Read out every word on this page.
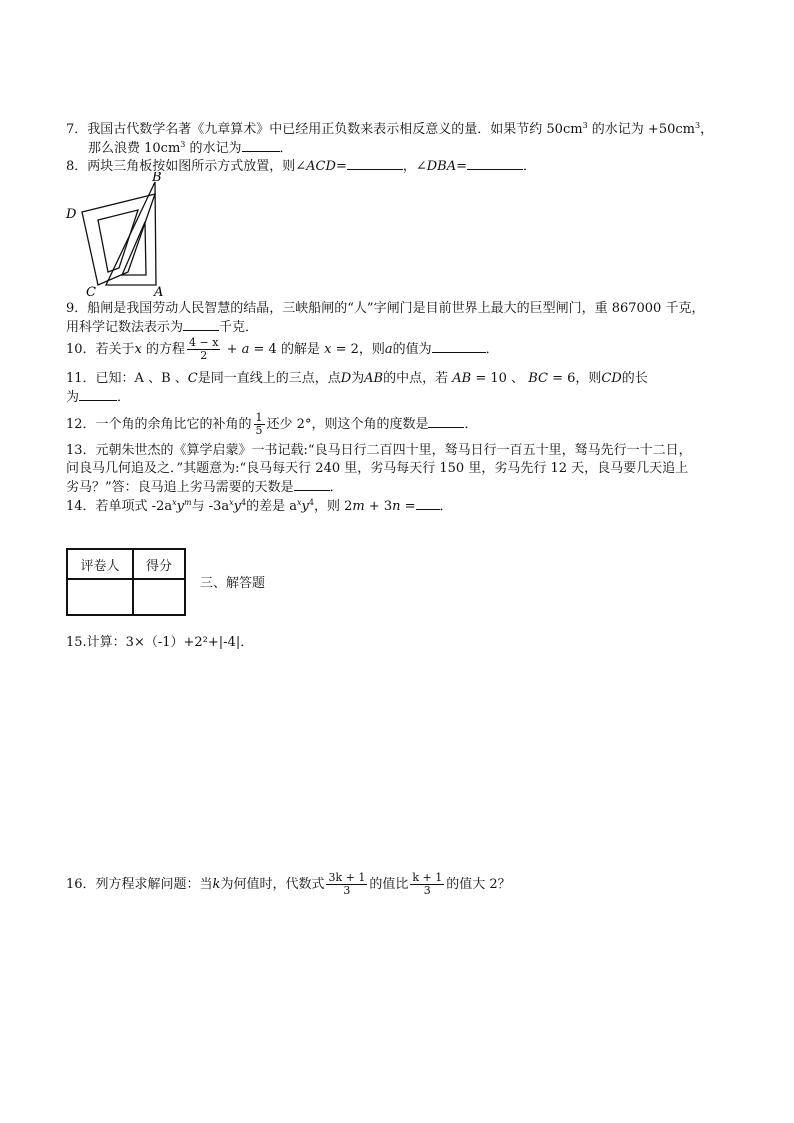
7．我国古代数学名著《九章算术》中已经用正负数来表示相反意义的量．如果节约 $50cm^3$ 的水记为 $+50cm^3$，
那么浪费 $10cm^3$ 的水记为	．
8．两块三角板按如图所示方式放置，则∠ACD=	，∠DBA=	．
B
D
C	A
9．船闸是我国劳动人民智慧的结晶，三峡船闸的“人”字闸门是目前世界上最大的巨型闸门，重 867000 千克，
用科学记数法表示为	千克．
10．若关于x 的方程 $\frac{4 - x}{2} + a = 4$ 的解是 x = 2，则a的值为	．
11．已知：A 、B 、C是同一直线上的三点，点D为AB的中点，若 AB = 10 、 BC = 6，则CD的长
为	．
12．一个角的余角比它的补角的 $\frac{1}{5}$ 还少 2°，则这个角的度数是	．
13．元朝朱世杰的《算学启蒙》一书记载:“良马日行二百四十里，驽马日行一百五十里，驽马先行一十二日，
问良马几何追及之．”其题意为:“良马每天行 240 里，劣马每天行 150 里，劣马先行 12 天，良马要几天追上
劣马？”答：良马追上劣马需要的天数是	．
14．若单项式 $-2a^xy^m$与 $-3a^xy^4$的差是 $a^xy^4$，则 2m + 3n = ．
评卷人	得分

三、解答题
15.计算：3×（-1）+2²+|-4|．
16．列方程求解问题：当k为何值时，代数式 $\frac{3k + 1}{3}$ 的值比 $\frac{k + 1}{3}$ 的值大 2？
